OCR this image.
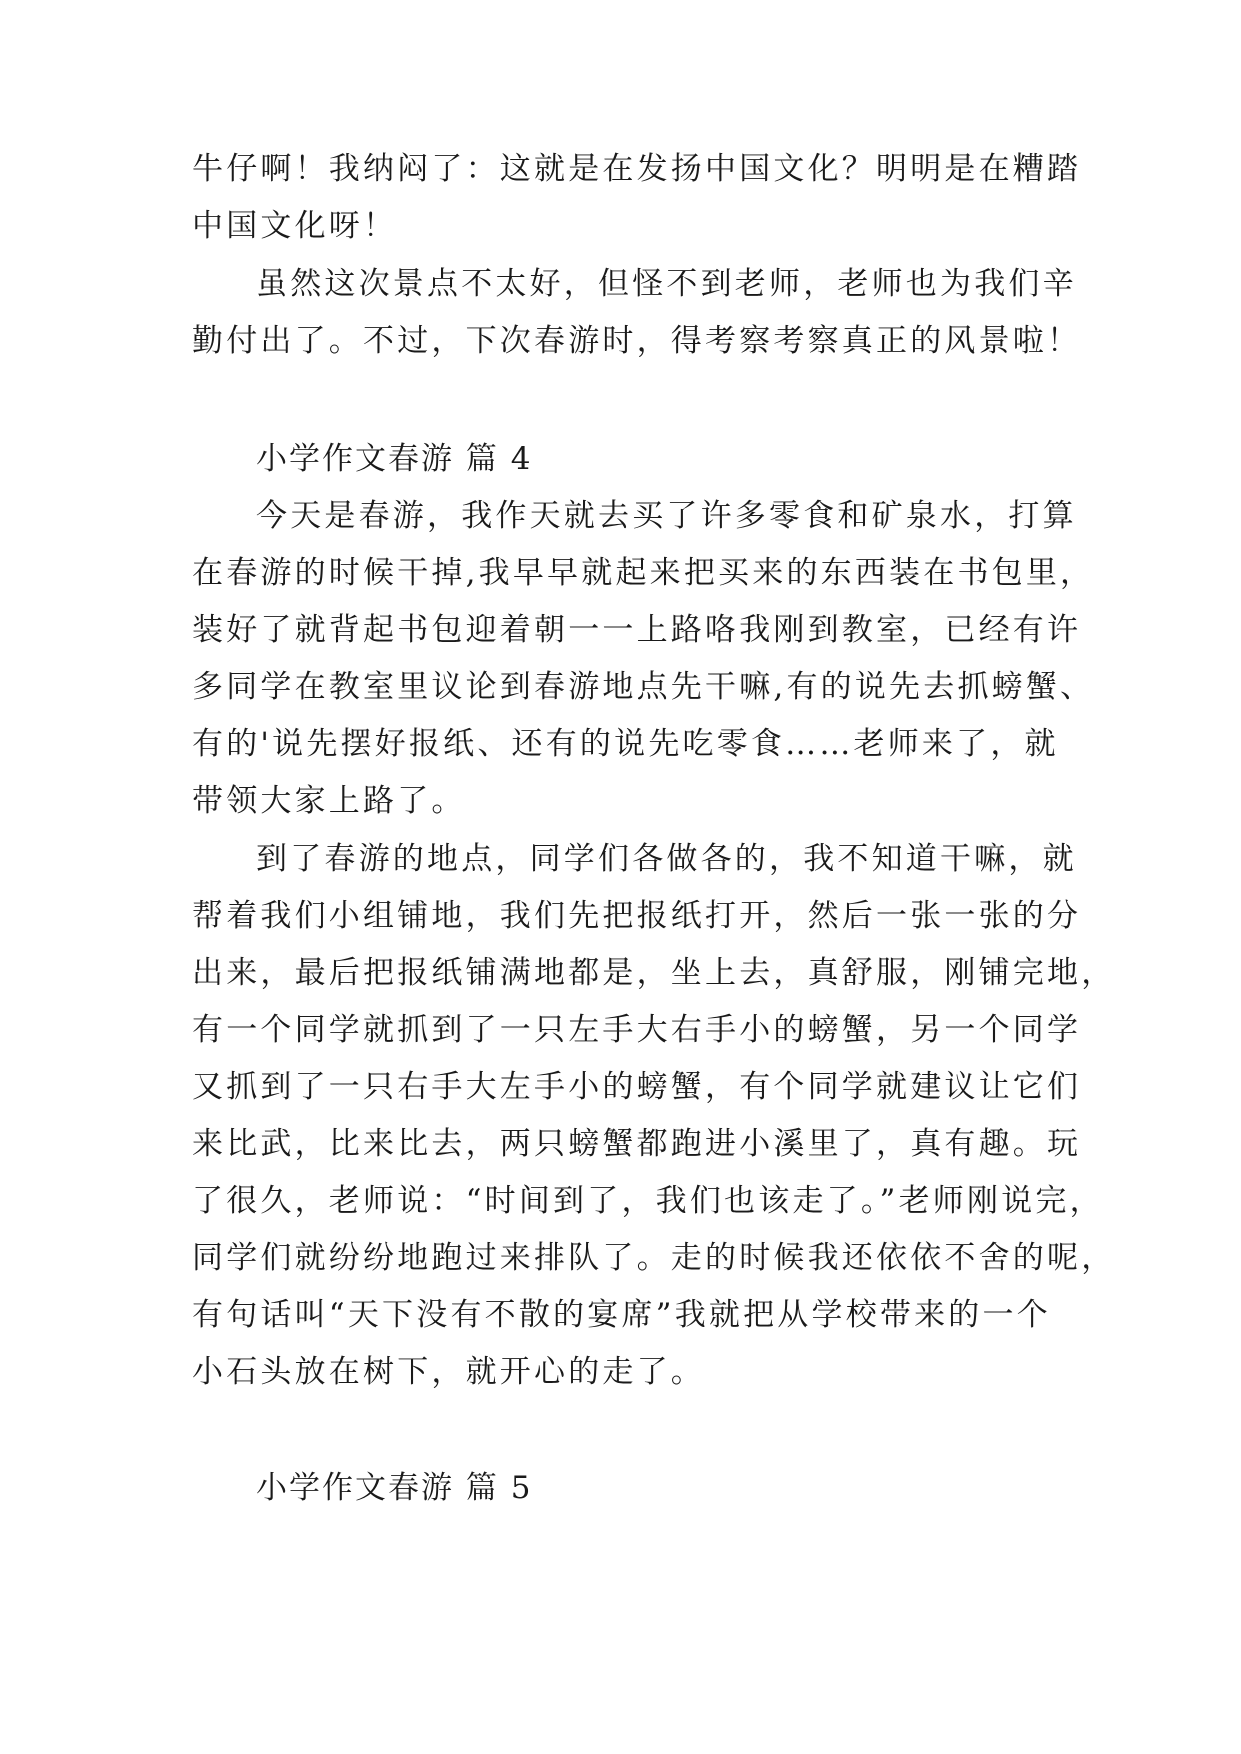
牛仔啊！我纳闷了：这就是在发扬中国文化？明明是在糟踏
中国文化呀！
虽然这次景点不太好，但怪不到老师，老师也为我们辛
勤付出了。不过，下次春游时，得考察考察真正的风景啦！
小学作文春游 篇 4
今天是春游，我作天就去买了许多零食和矿泉水，打算
在春游的时候干掉,我早早就起来把买来的东西装在书包里，
装好了就背起书包迎着朝一一上路咯我刚到教室，已经有许
多同学在教室里议论到春游地点先干嘛,有的说先去抓螃蟹、
有的'说先摆好报纸、还有的说先吃零食……老师来了，就
带领大家上路了。
到了春游的地点，同学们各做各的，我不知道干嘛，就
帮着我们小组铺地，我们先把报纸打开，然后一张一张的分
出来，最后把报纸铺满地都是，坐上去，真舒服，刚铺完地，
有一个同学就抓到了一只左手大右手小的螃蟹，另一个同学
又抓到了一只右手大左手小的螃蟹，有个同学就建议让它们
来比武，比来比去，两只螃蟹都跑进小溪里了，真有趣。玩
了很久，老师说：“时间到了，我们也该走了。”老师刚说完，
同学们就纷纷地跑过来排队了。走的时候我还依依不舍的呢，
有句话叫“天下没有不散的宴席”我就把从学校带来的一个
小石头放在树下，就开心的走了。
小学作文春游 篇 5
